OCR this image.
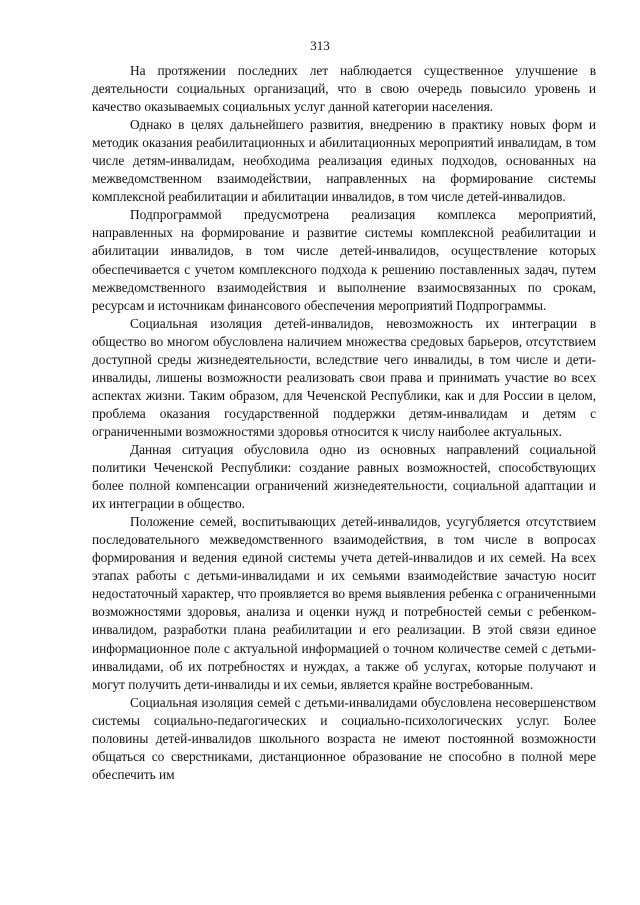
313

На протяжении последних лет наблюдается существенное улучшение в деятельности социальных организаций, что в свою очередь повысило уровень и качество оказываемых социальных услуг данной категории населения.

Однако в целях дальнейшего развития, внедрению в практику новых форм и методик оказания реабилитационных и абилитационных мероприятий инвалидам, в том числе детям-инвалидам, необходима реализация единых подходов, основанных на межведомственном взаимодействии, направленных на формирование системы комплексной реабилитации и абилитации инвалидов, в том числе детей-инвалидов.

Подпрограммой предусмотрена реализация комплекса мероприятий, направленных на формирование и развитие системы комплексной реабилитации и абилитации инвалидов, в том числе детей-инвалидов, осуществление которых обеспечивается с учетом комплексного подхода к решению поставленных задач, путем межведомственного взаимодействия и выполнение взаимосвязанных по срокам, ресурсам и источникам финансового обеспечения мероприятий Подпрограммы.

Социальная изоляция детей-инвалидов, невозможность их интеграции в общество во многом обусловлена наличием множества средовых барьеров, отсутствием доступной среды жизнедеятельности, вследствие чего инвалиды, в том числе и дети-инвалиды, лишены возможности реализовать свои права и принимать участие во всех аспектах жизни. Таким образом, для Чеченской Республики, как и для России в целом, проблема оказания государственной поддержки детям-инвалидам и детям с ограниченными возможностями здоровья относится к числу наиболее актуальных.

Данная ситуация обусловила одно из основных направлений социальной политики Чеченской Республики: создание равных возможностей, способствующих более полной компенсации ограничений жизнедеятельности, социальной адаптации и их интеграции в общество.

Положение семей, воспитывающих детей-инвалидов, усугубляется отсутствием последовательного межведомственного взаимодействия, в том числе в вопросах формирования и ведения единой системы учета детей-инвалидов и их семей. На всех этапах работы с детьми-инвалидами и их семьями взаимодействие зачастую носит недостаточный характер, что проявляется во время выявления ребенка с ограниченными возможностями здоровья, анализа и оценки нужд и потребностей семьи с ребенком-инвалидом, разработки плана реабилитации и его реализации. В этой связи единое информационное поле с актуальной информацией о точном количестве семей с детьми-инвалидами, об их потребностях и нуждах, а также об услугах, которые получают и могут получить дети-инвалиды и их семьи, является крайне востребованным.

Социальная изоляция семей с детьми-инвалидами обусловлена несовершенством системы социально-педагогических и социально-психологических услуг. Более половины детей-инвалидов школьного возраста не имеют постоянной возможности общаться со сверстниками, дистанционное образование не способно в полной мере обеспечить им
